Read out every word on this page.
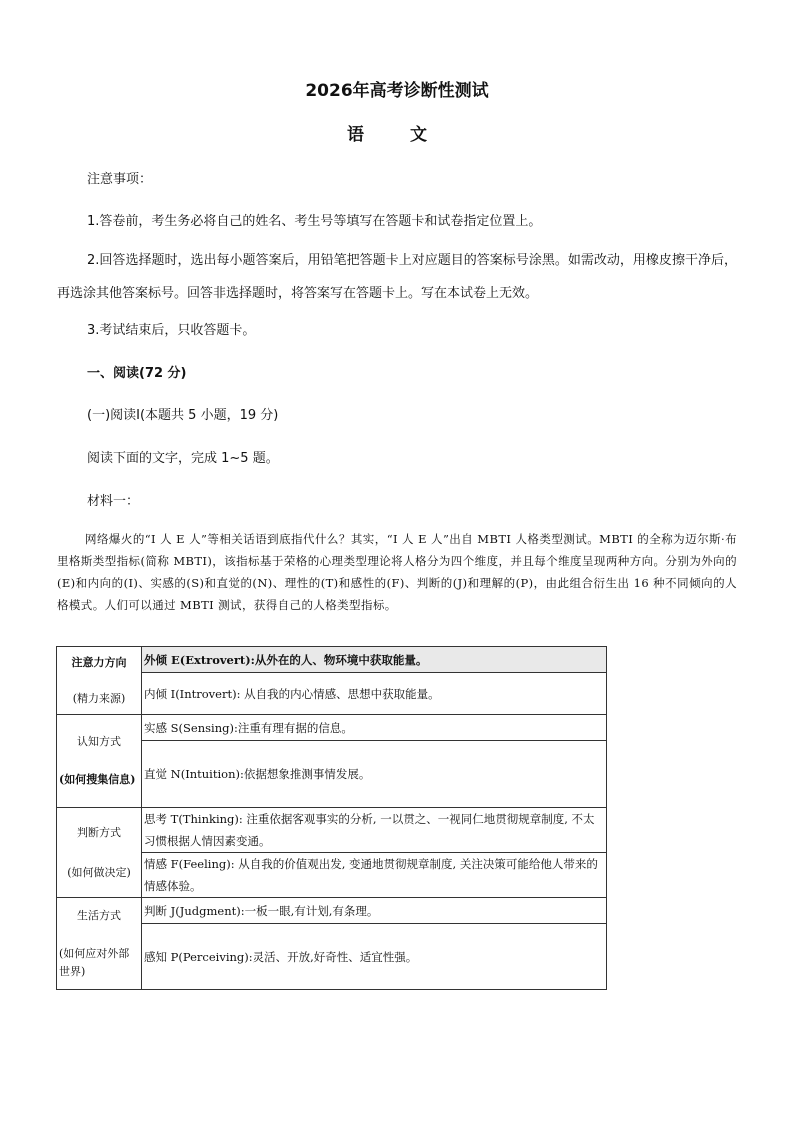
2026年高考诊断性测试
语 文
注意事项：
1.答卷前，考生务必将自己的姓名、考生号等填写在答题卡和试卷指定位置上。
2.回答选择题时，选出每小题答案后，用铅笔把答题卡上对应题目的答案标号涂黑。如需改动，用橡皮擦干净后，再选涂其他答案标号。回答非选择题时，将答案写在答题卡上。写在本试卷上无效。
3.考试结束后，只收答题卡。
一、阅读(72 分)
(一)阅读Ⅰ(本题共 5 小题，19 分)
阅读下面的文字，完成 1~5 题。
材料一：
网络爆火的“I 人 E 人”等相关话语到底指代什么？其实，“I 人 E 人”出自 MBTI 人格类型测试。MBTI 的全称为迈尔斯·布里格斯类型指标(简称 MBTI)，该指标基于荣格的心理类型理论将人格分为四个维度，并且每个维度呈现两种方向。分别为外向的(E)和内向的(I)、实感的(S)和直觉的(N)、理性的(T)和感性的(F)、判断的(J)和理解的(P)，由此组合衍生出 16 种不同倾向的人格模式。人们可以通过 MBTI 测试，获得自己的人格类型指标。
注意力方向
(精力来源)	外倾 E(Extrovert):从外在的人、物环境中获取能量。
	内倾 I(Introvert): 从自我的内心情感、思想中获取能量。

认知方式
(如何搜集信息)	实感 S(Sensing):注重有理有据的信息。
	直觉 N(Intuition):依据想象推测事情发展。

判断方式
(如何做决定)	思考 T(Thinking): 注重依据客观事实的分析, 一以贯之、一视同仁地贯彻规章制度, 不太习惯根据人情因素变通。
	情感 F(Feeling): 从自我的价值观出发, 变通地贯彻规章制度, 关注决策可能给他人带来的情感体验。

生活方式
(如何应对外部世界)	判断 J(Judgment):一板一眼,有计划,有条理。
	感知 P(Perceiving):灵活、开放,好奇性、适宜性强。
